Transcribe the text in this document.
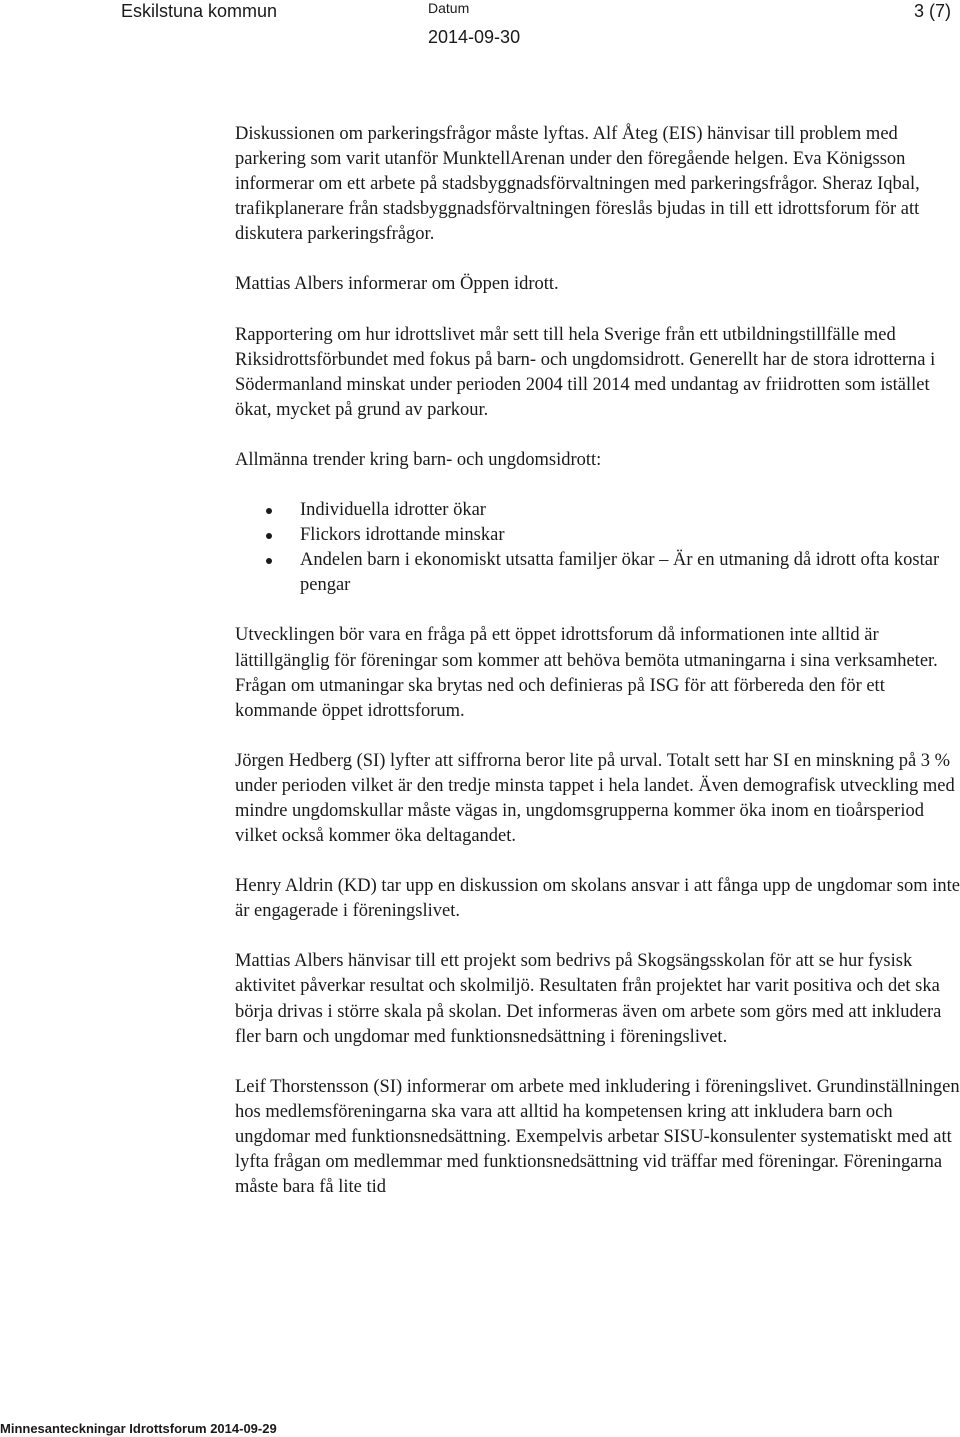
Eskilstuna kommun	Datum
2014-09-30
3 (7)

Diskussionen om parkeringsfrågor måste lyftas. Alf Åteg (EIS) hänvisar till problem med parkering som varit utanför MunktellArenan under den föregående helgen. Eva Königsson informerar om ett arbete på stadsbyggnadsförvaltningen med parkeringsfrågor. Sheraz Iqbal, trafikplanerare från stadsbyggnadsförvaltningen föreslås bjudas in till ett idrottsforum för att diskutera parkeringsfrågor.

Mattias Albers informerar om Öppen idrott.

Rapportering om hur idrottslivet mår sett till hela Sverige från ett utbildningstillfälle med Riksidrottsförbundet med fokus på barn- och ungdomsidrott. Generellt har de stora idrotterna i Södermanland minskat under perioden 2004 till 2014 med undantag av friidrotten som istället ökat, mycket på grund av parkour.

Allmänna trender kring barn- och ungdomsidrott:

Individuella idrotter ökar
Flickors idrottande minskar
Andelen barn i ekonomiskt utsatta familjer ökar – Är en utmaning då idrott ofta kostar pengar

Utvecklingen bör vara en fråga på ett öppet idrottsforum då informationen inte alltid är lättillgänglig för föreningar som kommer att behöva bemöta utmaningarna i sina verksamheter. Frågan om utmaningar ska brytas ned och definieras på ISG för att förbereda den för ett kommande öppet idrottsforum.

Jörgen Hedberg (SI) lyfter att siffrorna beror lite på urval. Totalt sett har SI en minskning på 3 % under perioden vilket är den tredje minsta tappet i hela landet. Även demografisk utveckling med mindre ungdomskullar måste vägas in, ungdomsgrupperna kommer öka inom en tioårsperiod vilket också kommer öka deltagandet.

Henry Aldrin (KD) tar upp en diskussion om skolans ansvar i att fånga upp de ungdomar som inte är engagerade i föreningslivet.

Mattias Albers hänvisar till ett projekt som bedrivs på Skogsängsskolan för att se hur fysisk aktivitet påverkar resultat och skolmiljö. Resultaten från projektet har varit positiva och det ska börja drivas i större skala på skolan. Det informeras även om arbete som görs med att inkludera fler barn och ungdomar med funktionsnedsättning i föreningslivet.

Leif Thorstensson (SI) informerar om arbete med inkludering i föreningslivet. Grundinställningen hos medlemsföreningarna ska vara att alltid ha kompetensen kring att inkludera barn och ungdomar med funktionsnedsättning. Exempelvis arbetar SISU-konsulenter systematiskt med att lyfta frågan om medlemmar med funktionsnedsättning vid träffar med föreningar. Föreningarna måste bara få lite tid

Minnesanteckningar Idrottsforum 2014-09-29
